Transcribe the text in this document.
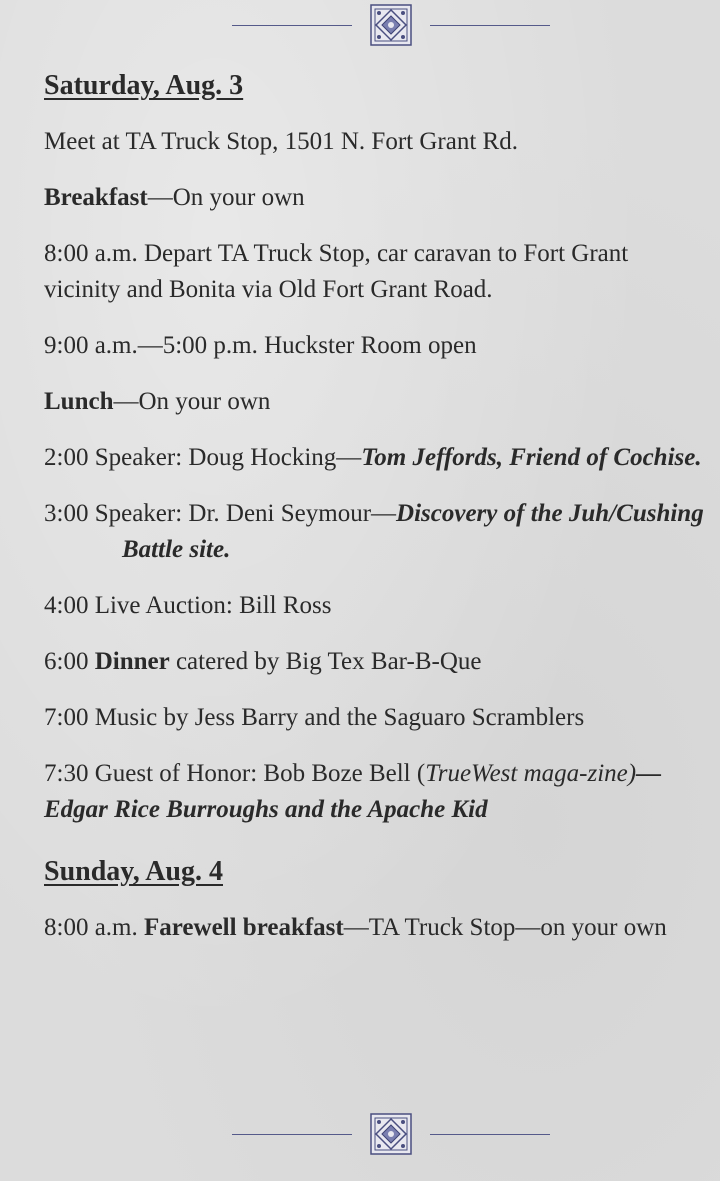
Saturday, Aug. 3
Meet at TA Truck Stop, 1501 N. Fort Grant Rd.
Breakfast—On your own
8:00 a.m. Depart TA Truck Stop, car caravan to Fort Grant vicinity and Bonita via Old Fort Grant Road.
9:00 a.m.—5:00 p.m. Huckster Room open
Lunch—On your own
2:00 Speaker: Doug Hocking—Tom Jeffords, Friend of Cochise.
3:00 Speaker: Dr. Deni Seymour—Discovery of the Juh/Cushing Battle site.
4:00 Live Auction: Bill Ross
6:00 Dinner catered by Big Tex Bar-B-Que
7:00 Music by Jess Barry and the Saguaro Scramblers
7:30 Guest of Honor: Bob Boze Bell (TrueWest maga-zine)—Edgar Rice Burroughs and the Apache Kid
Sunday, Aug. 4
8:00 a.m. Farewell breakfast—TA Truck Stop—on your own
